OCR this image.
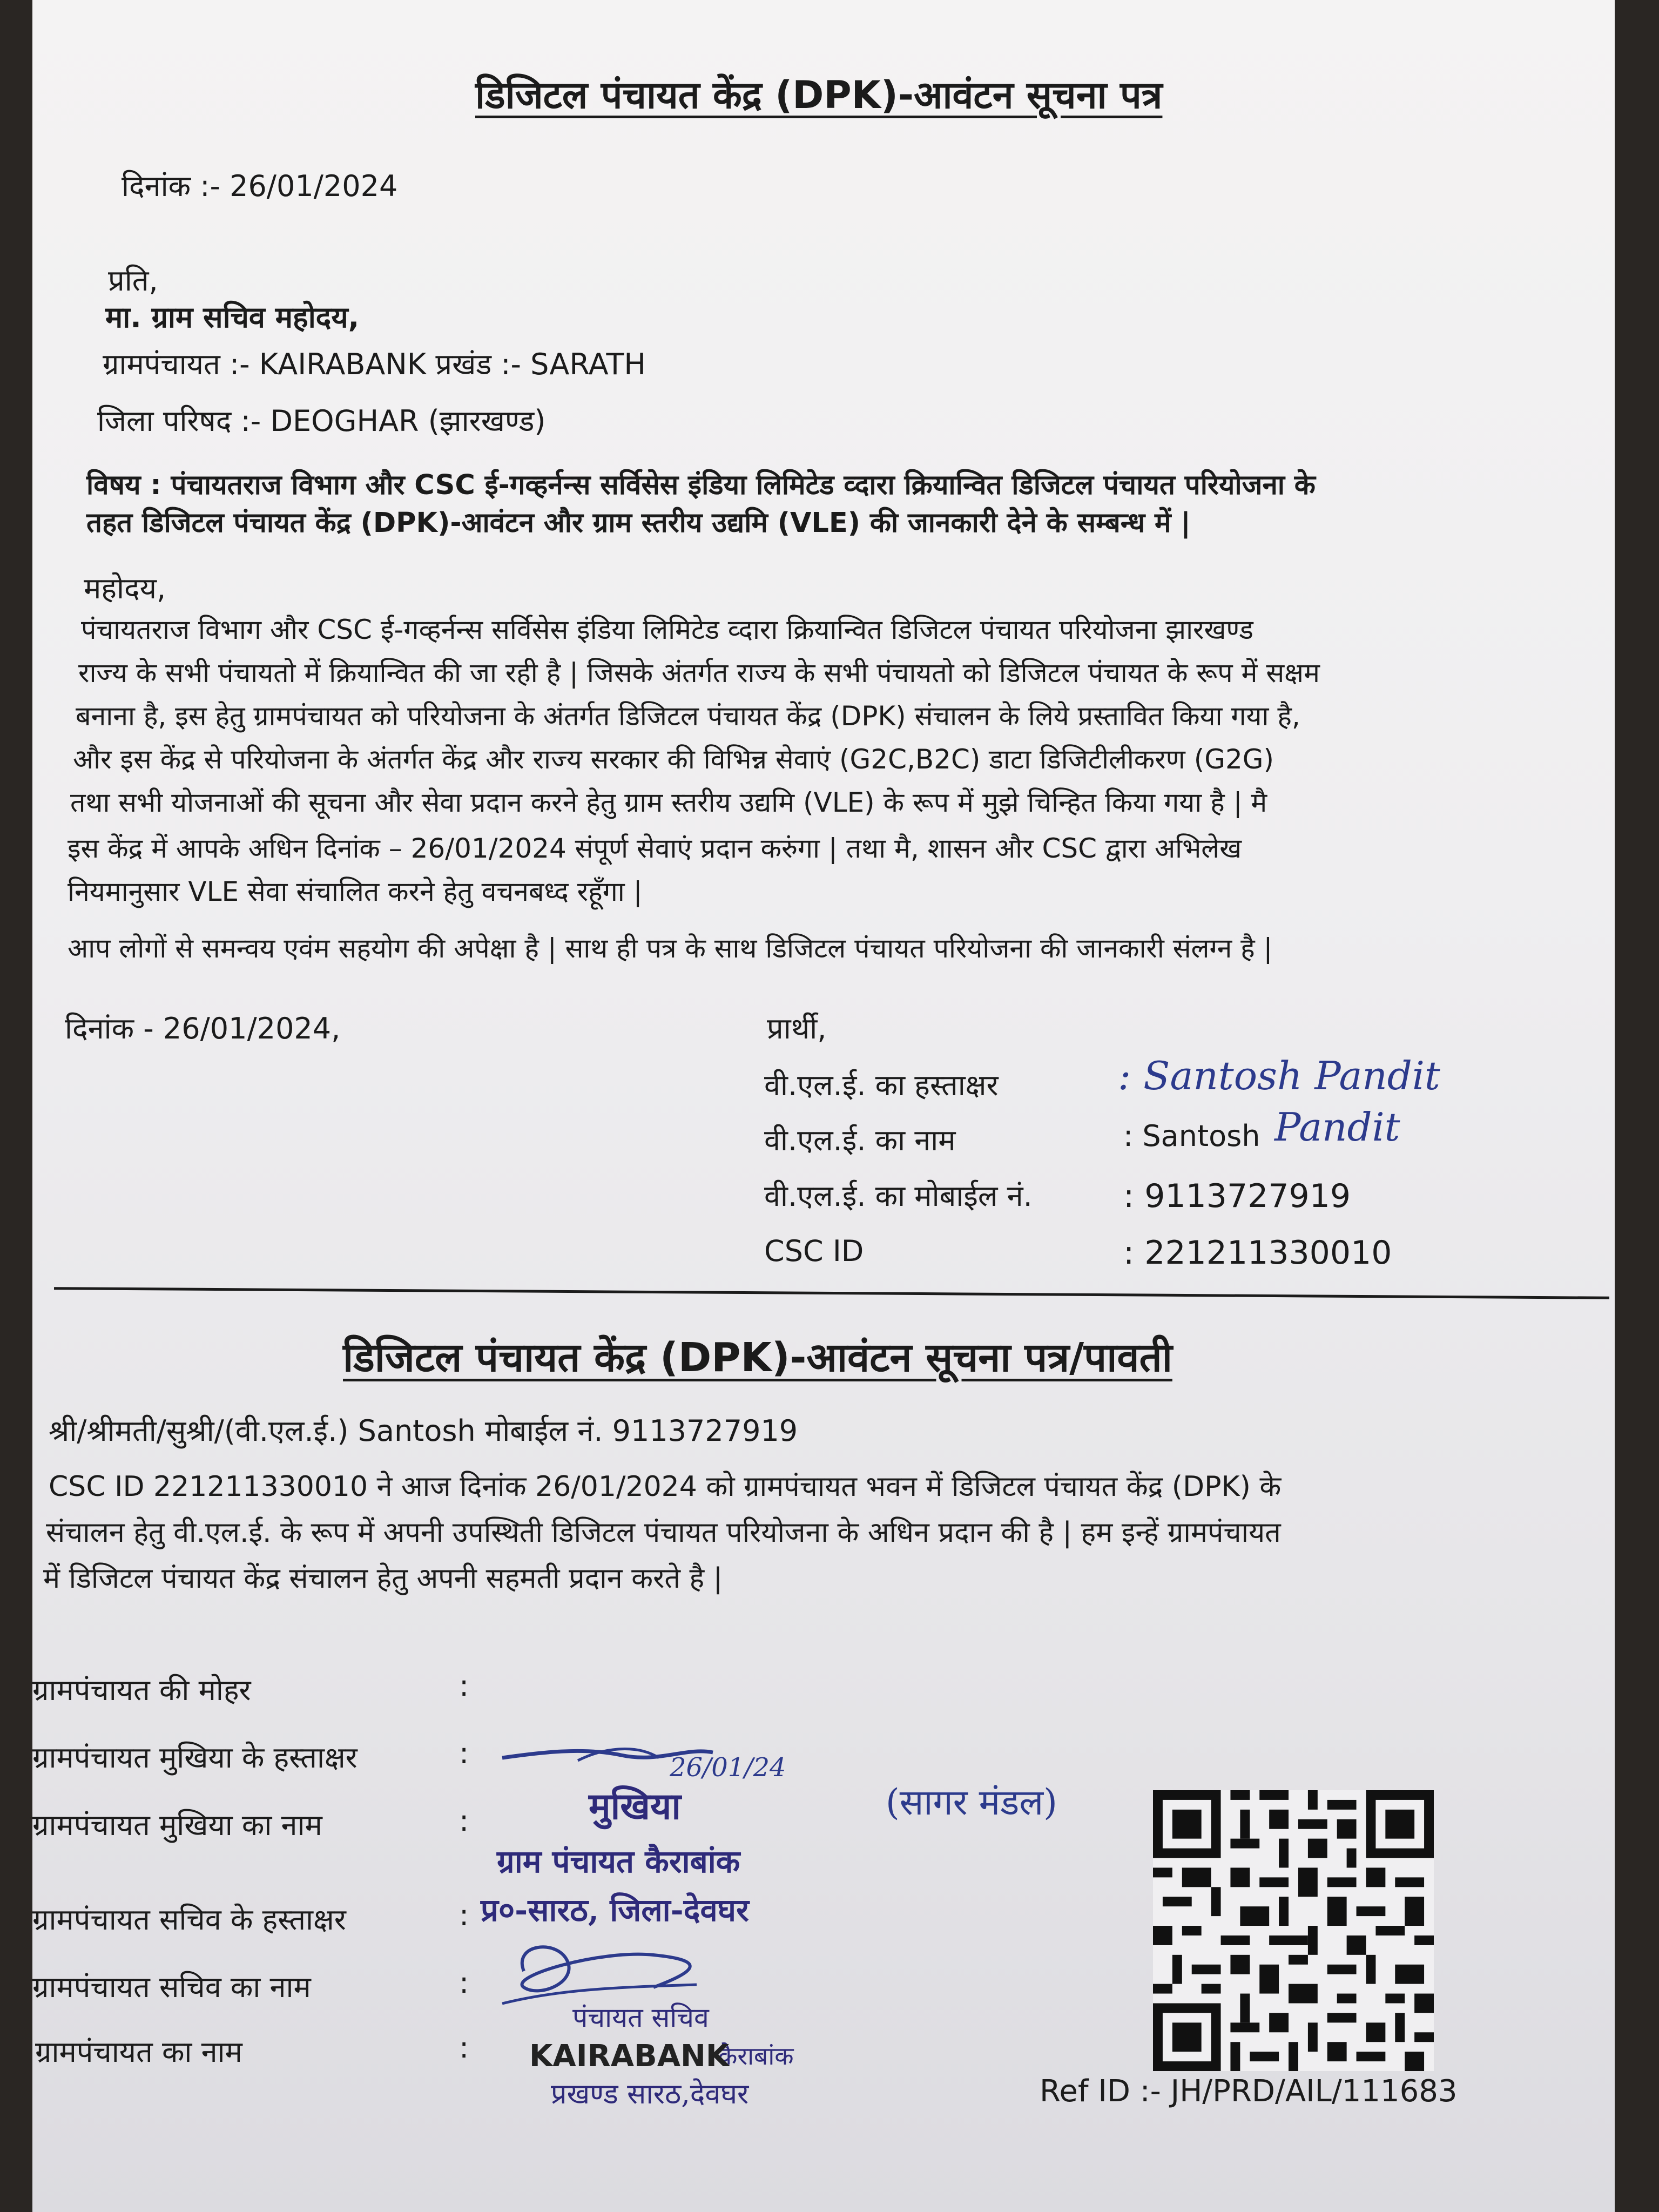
डिजिटल पंचायत केंद्र (DPK)-आवंटन सूचना पत्र
दिनांक :- 26/01/2024
प्रति,
मा. ग्राम सचिव महोदय,
ग्रामपंचायत :- KAIRABANK प्रखंड :- SARATH
जिला परिषद :- DEOGHAR (झारखण्ड)
विषय : पंचायतराज विभाग और CSC ई-गव्हर्नन्स सर्विसेस इंडिया लिमिटेड व्दारा क्रियान्वित डिजिटल पंचायत परियोजना के
तहत डिजिटल पंचायत केंद्र (DPK)-आवंटन और ग्राम स्तरीय उद्यमि (VLE) की जानकारी देने के सम्बन्ध में |
महोदय,
पंचायतराज विभाग और CSC ई-गव्हर्नन्स सर्विसेस इंडिया लिमिटेड व्दारा क्रियान्वित डिजिटल पंचायत परियोजना झारखण्ड
राज्य के सभी पंचायतो में क्रियान्वित की जा रही है | जिसके अंतर्गत राज्य के सभी पंचायतो को डिजिटल पंचायत के रूप में सक्षम
बनाना है, इस हेतु ग्रामपंचायत को परियोजना के अंतर्गत डिजिटल पंचायत केंद्र (DPK) संचालन के लिये प्रस्तावित किया गया है,
और इस केंद्र से परियोजना के अंतर्गत केंद्र और राज्य सरकार की विभिन्न सेवाएं (G2C,B2C) डाटा डिजिटीलीकरण (G2G)
तथा सभी योजनाओं की सूचना और सेवा प्रदान करने हेतु ग्राम स्तरीय उद्यमि (VLE) के रूप में मुझे चिन्हित किया गया है | मै
इस केंद्र में आपके अधिन दिनांक – 26/01/2024 संपूर्ण सेवाएं प्रदान करुंगा | तथा मै, शासन और CSC द्वारा अभिलेख
नियमानुसार VLE सेवा संचालित करने हेतु वचनबध्द रहूँगा |
आप लोगों से समन्वय एवंम सहयोग की अपेक्षा है | साथ ही पत्र के साथ डिजिटल पंचायत परियोजना की जानकारी संलग्न है |
दिनांक - 26/01/2024,	प्रार्थी,
वी.एल.ई. का हस्ताक्षर	: Santosh Pandit
वी.एल.ई. का नाम	: Santosh Pandit
वी.एल.ई. का मोबाईल नं.	: 9113727919
CSC ID	: 221211330010
डिजिटल पंचायत केंद्र (DPK)-आवंटन सूचना पत्र/पावती
श्री/श्रीमती/सुश्री/(वी.एल.ई.) Santosh मोबाईल नं. 9113727919
CSC ID 221211330010 ने आज दिनांक 26/01/2024 को ग्रामपंचायत भवन में डिजिटल पंचायत केंद्र (DPK) के
संचालन हेतु वी.एल.ई. के रूप में अपनी उपस्थिती डिजिटल पंचायत परियोजना के अधिन प्रदान की है | हम इन्हें ग्रामपंचायत
में डिजिटल पंचायत केंद्र संचालन हेतु अपनी सहमती प्रदान करते है |
ग्रामपंचायत की मोहर	:
ग्रामपंचायत मुखिया के हस्ताक्षर	:
ग्रामपंचायत मुखिया का नाम	:
ग्रामपंचायत सचिव के हस्ताक्षर	:
ग्रामपंचायत सचिव का नाम	:
ग्रामपंचायत का नाम	:
26/01/24
मुखिया
ग्राम पंचायत कैराबांक
प्र०-सारठ, जिला-देवघर
(सागर मंडल)
पंचायत सचिव
कैराबांक
KAIRABANK
प्रखण्ड सारठ,देवघर	Ref ID :- JH/PRD/AIL/111683
